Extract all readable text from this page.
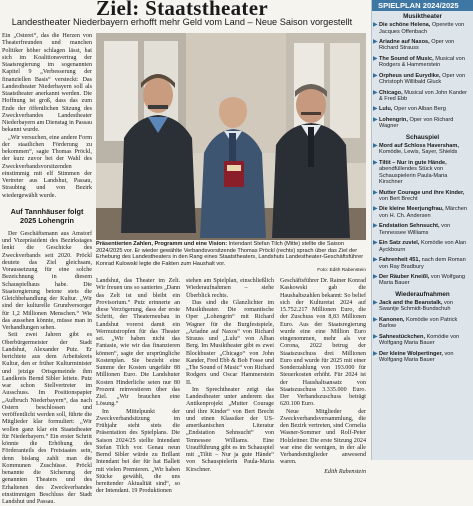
Ziel: Staatstheater
Landestheater Niederbayern erhofft mehr Geld vom Land – Neue Saison vorgestellt

Ein „Osterei“, das die Herzen von Theaterfreunden und manchen Politiker höher schlagen lässt, hat sich im Koalitionsvertrag der Staatsregierung im sogenannten Kapitel 9 „Verbesserung der finanziellen Basis“ versteckt: Das Landestheater Niederbayern soll als Staatstheater anerkannt werden. Die Hoffnung ist groß, dass das zum Ende der öffentlichen Sitzung des Zweckverbandes Landestheater Niederbayern am Dienstag in Passau bekannt wurde.

„Wir versuchen, eine andere Form der staatlichen Förderung zu bekommen“, sagte Thomas Pröckl, der kurz zuvor bei der Wahl des Zweckverbandsvorsitzenden einstimmig mit elf Stimmen der Vertreter aus Landshut, Passau, Straubing und von Bezirk wiedergewählt wurde.

Auf Tannhäuser folgt 2025 Lohengrin

Der Geschäftsmann aus Amstorf und Vizepräsident des Bezirkstages lenkt die Geschicke des Zweckverbands seit 2020. Pröckl deutete das Ziel gleichsam, Voraussetzung für eine solche Bezeichnung in diesem Schauspielhaus habe. Die Staatsregierung betone stets die Gleichbehandlung der Kultur. „Wir sind der kulturelle Grundversorger für 1,2 Millionen Menschen.“ Wie das aussehen könnte, müsse man in Verhandlungen sehen.

Seit zwei Jahren gibt es Oberbürgermeister der Stadt Landshut, Alexander Putz. Er berichtete aus dem Arbeitskreis Kultur, den er früher Kulturminister und jetzige Ortsgemeinde ihm Landkreis Bernd Sibler leitete. Putz war schon Stellvertreter im Ausschuss. Im Positionspapier „Aufbruch Niederbayern“, das nach Ostern beschlossen und veröffentlicht werden soll, führte die Mitglieder klar formuliert: „Wir wollen ganz klar ein Staatstheater für Niederbayern.“ Ein erster Schritt könnte die Erhöhung des Förderanteils des Freistaates sein, denn bislang zahlt man die Kommunen Zuschüsse. Pröckl benannte die Sicherung der genannten Theaters und des Erhaltenen des Zweckverbandes einstimmigen Beschluss der Stadt Landshut und Passau.

Präsentierten Zahlen, Programm und eine Vision: Intendant Stefan Tilch (Mitte) stellte die Saison 2024/2025 vor. Er wieder gewählte Verbandsvorsitzende Thomas Pröckl (rechts) sprach über das Ziel der Erhebung des Landestheaters in den Rang eines Staatstheaters, Landshuts Landestheater-Geschäftsführer Konrad Kulowski legte die Fakten zum Haushalt vor.
Foto: Edith Rabenstein

Landshut, das Theater im Zelt. Wir freuen uns so saniertes „Dann das Zelt ist und bleibt ein Provisorium.“ Putz erinnerte an diese Verzögerung, dass der erste Schritt, der Theaterneubau in Landshut vorerst damit ein Wermutstropfen für das Theater sei. „Wir haben nicht das Fantasie, wie wir das finanzieren können“, sagte der ursprüngliche Kostenplan. Sie bezieht eine Summe der Kosten ungefähr 88 Millionen Euro. Die Landshuter Kosten Hinderliche seien nur 80 Prozent reinvestieren über das Ziel. „Wir brauchen eine Lösung.“

Im Mittelpunkt der Zweckverbandsitzung im Frühjahr steht stets die Präsentation des Spielplans. Die Saison 2024/25 stellte Intendant Stefan Tilch vor. Genau neun Bernd Sibler würde zu Brillant Intendant bei der für hat Ballett mit vielen Premieren. „Wir haben Stücke gewählt, die uns bereitender Aktualität sind“, so der Intendant. 19 Produktionen

stehen am Spielplan, einschließlich Wiederaufnahmen – siehe Überblick rechts.

Das sind die Glanzlichter im Musiktheater. Die romantische Oper „Lohengrin“ mit Richard Wagner für die Burgfestspiele, „Ariadne auf Naxos“ von Richard Strauss und „Lulu“ von Alban Berg. Im Musiktheater gibt es zwei Blockbuster „Chicago“ von John Kander, Fred Ebb & Bob Fosse und „The Sound of Music“ von Richard Rodgers und Oscar Hammerstein II.

Im Sprechtheater zeigt das Landestheater unter anderem das Antikenprojekt „Mutter Courage und ihre Kinder“ von Bert Brecht und einen Klassiker der US-amerikanischen Literatur „Endstation Sehnsucht“ von Tennessee Williams. Eine Uraufführung gibt es im Schauspiel mit „Tiltit – Nur ja gute Hände“ von Schauspielerin Paula-Maria Kirschner.

Geschäftsführer Dr. Rainer Konrad Kaskowski gab die Haushaltszahlen bekannt: So belief sich der Kulturetat 2024 auf 15.752.217 Millionen Euro, die der Zuschuss von 8,83 Millionen Euro. Aus der Staatsregierung wurde eine eine Million Euro eingenommen, mehr als vor Corona, 2022 betrug der Staatszuschuss drei Millionen Euro und wurde für 2025 mit einer Sonderzahlung von 193.000 für Steuerkosten erhöht. Für 2024 ist der Haushaltsansatz von Staatszuschuss 3.335.000 Euro. Der Verbandszuschuss beträgt 620.100 Euro.

Neue Mitglieder der Zweckverbandsversammlung, die den Bezirk vertreten, sind Cornelia Wasner-Sommer und Rolf-Peter Holzleitner. Die erste Sitzung 2024 war eine die wenigen, in der alle Verbandsmitglieder anwesend waren.

Edith Rabenstein
SPIELPLAN 2024/2025
Musiktheater
▶ Die schöne Helena, Operette von Jacques Offenbach
▶ Ariadne auf Naxos, Oper von Richard Strauss
▶ The Sound of Music, Musical von Rodgers & Hammerstein
▶ Orpheus und Eurydike, Oper von Christoph Willibald Gluck
▶ Chicago, Musical von John Kander & Fred Ebb
▶ Lulu, Oper von Alban Berg
▶ Lohengrin, Oper von Richard Wagner
Schauspiel
▶ Mord auf Schloss Haversham, Komödie, Lewis, Sayer, Shields
▶ Tiltit – Nur in gute Hände, abendfüllendes Stück von Schauspielerin Paula-Maria Kirschner
▶ Mutter Courage und ihre Kinder, von Bert Brecht
▶ Die kleine Meerjungfrau, Märchen von H. Ch. Andersen
▶ Endstation Sehnsucht, von Tennessee Williams
▶ Ein Satz zuviel, Komödie von Alan Ayckbourn
▶ Fahrenheit 451, nach dem Roman von Ray Bradbury
▶ Der Räuber Kneißl, von Wolfgang Maria Bauer
Wiederaufnahmen
▶ Jack and the Beanstalk, von Swantje Schmidt-Bundschuh
▶ Kanonen, Komödie von Patrick Barlow
▶ Sahnestückchen, Komödie von Wolfgang Maria Bauer
▶ Der kleine Wolpertinger, von Wolfgang Maria Bauer
